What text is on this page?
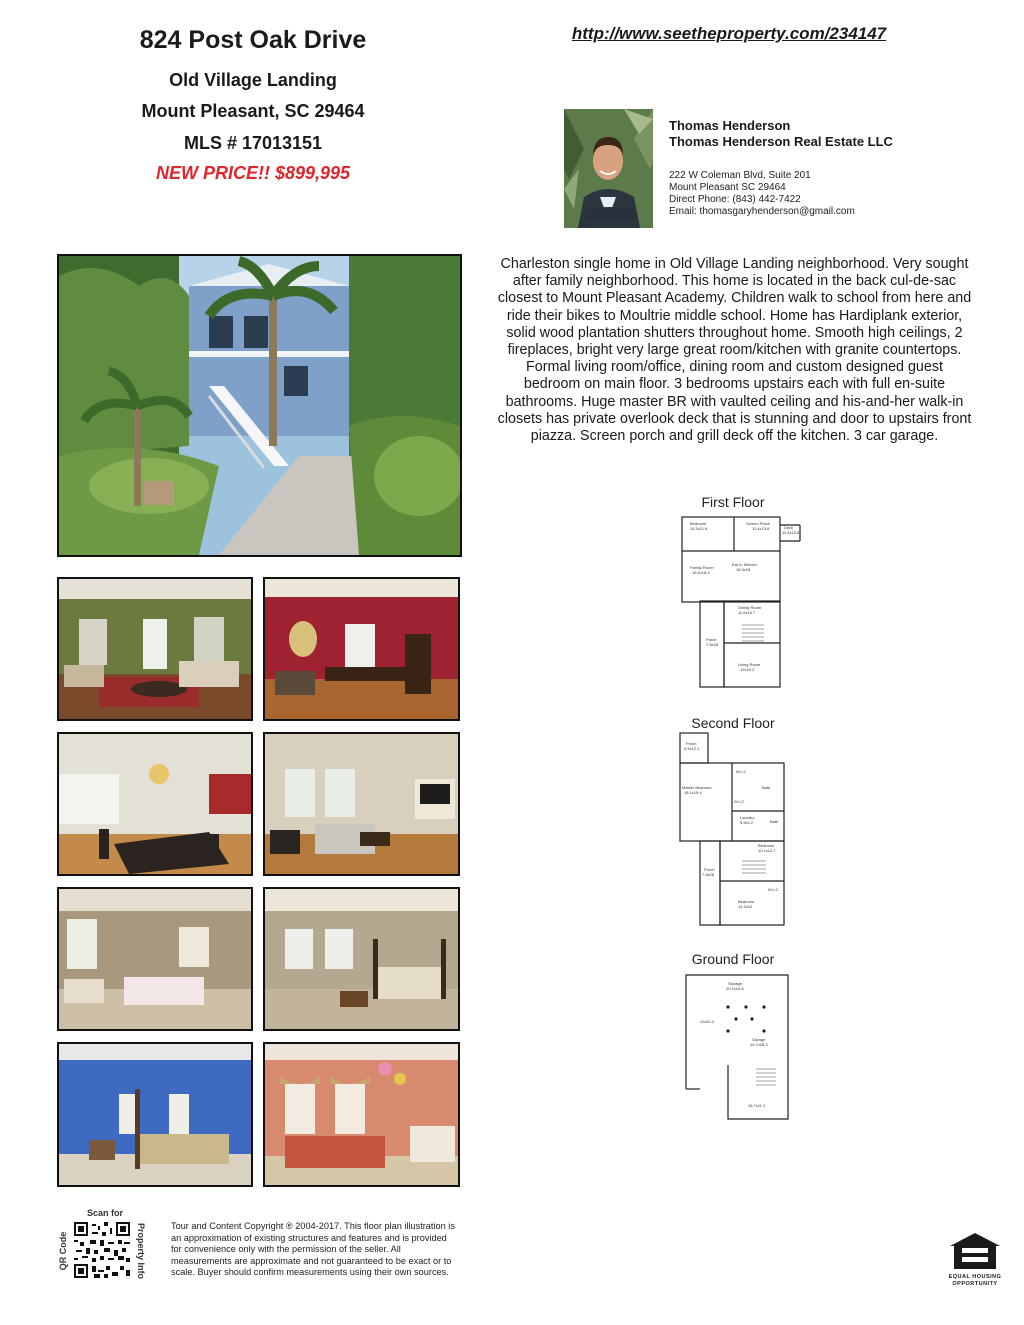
824 Post Oak Drive
Old Village Landing
Mount Pleasant, SC 29464
MLS # 17013151
NEW PRICE!! $899,995
http://www.seetheproperty.com/234147
Thomas Henderson
Thomas Henderson Real Estate LLC
222 W Coleman Blvd, Suite 201
Mount Pleasant SC 29464
Direct Phone: (843) 442-7422
Email: thomasgaryhenderson@gmail.com
Charleston single home in Old Village Landing neighborhood. Very sought after family neighborhood. This home is located in the back cul-de-sac closest to Mount Pleasant Academy. Children walk to school from here and ride their bikes to Moultrie middle school. Home has Hardiplank exterior, solid wood plantation shutters throughout home. Smooth high ceilings, 2 fireplaces, bright very large great room/kitchen with granite countertops. Formal living room/office, dining room and custom designed guest bedroom on main floor. 3 bedrooms upstairs each with full en-suite bathrooms. Huge master BR with vaulted ceiling and his-and-her walk-in closets has private overlook deck that is stunning and door to upstairs front piazza. Screen porch and grill deck off the kitchen. 3 car garage.
First Floor
Bedroom
15.3x11.6
Screen Porch
11.4x13.8	Deck
11.4x13.8
Family Room
18.5x18.4
Eat In Kitchen
16.3x18
Dining Room
11.6x16.7
Porch
7.5x28
Living Room
12x19.2
Second Floor
Porch
9.5x12.1
W-I-C
Master Bedroom
18.1x19.4
Bath
W-I-C
Laundry
5.5x4.2	Bath
Bedroom
10.1x12.7
Porch
7.5x28
W-I-C
Bedroom
14.3x12
Ground Floor
Storage
20.1x10.8
11x20.4
Garage
19.7x28.3
18.7x11.1
Scan for
QR Code	Property Info	Tour and Content Copyright ® 2004-2017. This floor plan illustration is an approximation of existing structures and features and is provided for convenience only with the permission of the seller. All measurements are approximate and not guaranteed to be exact or to scale. Buyer should confirm measurements using their own sources.	EQUAL HOUSING
OPPORTUNITY
